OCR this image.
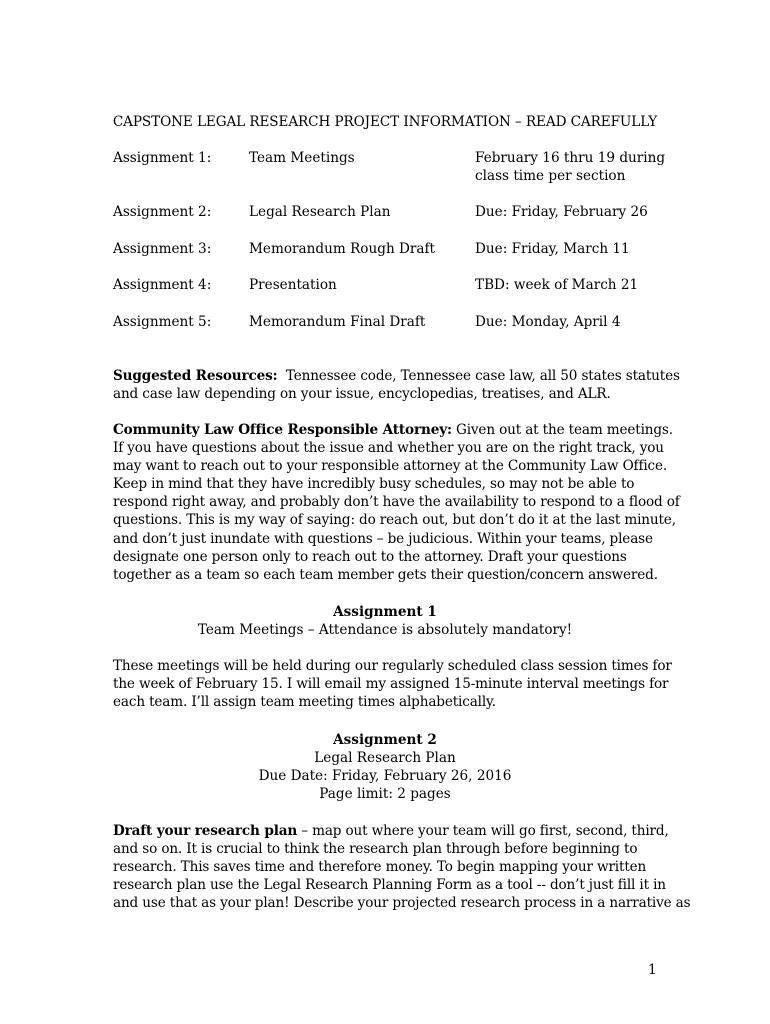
CAPSTONE LEGAL RESEARCH PROJECT INFORMATION – READ CAREFULLY
Assignment 1:	Team Meetings	February 16 thru 19 during class time per section
Assignment 2:	Legal Research Plan	Due: Friday, February 26
Assignment 3:	Memorandum Rough Draft	Due: Friday, March 11
Assignment 4:	Presentation	TBD: week of March 21
Assignment 5:	Memorandum Final Draft	Due: Monday, April 4
Suggested Resources: Tennessee code, Tennessee case law, all 50 states statutes
and case law depending on your issue, encyclopedias, treatises, and ALR.
Community Law Office Responsible Attorney: Given out at the team meetings.
If you have questions about the issue and whether you are on the right track, you
may want to reach out to your responsible attorney at the Community Law Office.
Keep in mind that they have incredibly busy schedules, so may not be able to
respond right away, and probably don’t have the availability to respond to a flood of
questions. This is my way of saying: do reach out, but don’t do it at the last minute,
and don’t just inundate with questions – be judicious. Within your teams, please
designate one person only to reach out to the attorney. Draft your questions
together as a team so each team member gets their question/concern answered.
Assignment 1
Team Meetings – Attendance is absolutely mandatory!
These meetings will be held during our regularly scheduled class session times for
the week of February 15. I will email my assigned 15-minute interval meetings for
each team. I’ll assign team meeting times alphabetically.
Assignment 2
Legal Research Plan
Due Date: Friday, February 26, 2016
Page limit: 2 pages
Draft your research plan – map out where your team will go first, second, third,
and so on. It is crucial to think the research plan through before beginning to
research. This saves time and therefore money. To begin mapping your written
research plan use the Legal Research Planning Form as a tool -- don’t just fill it in
and use that as your plan! Describe your projected research process in a narrative as
1
